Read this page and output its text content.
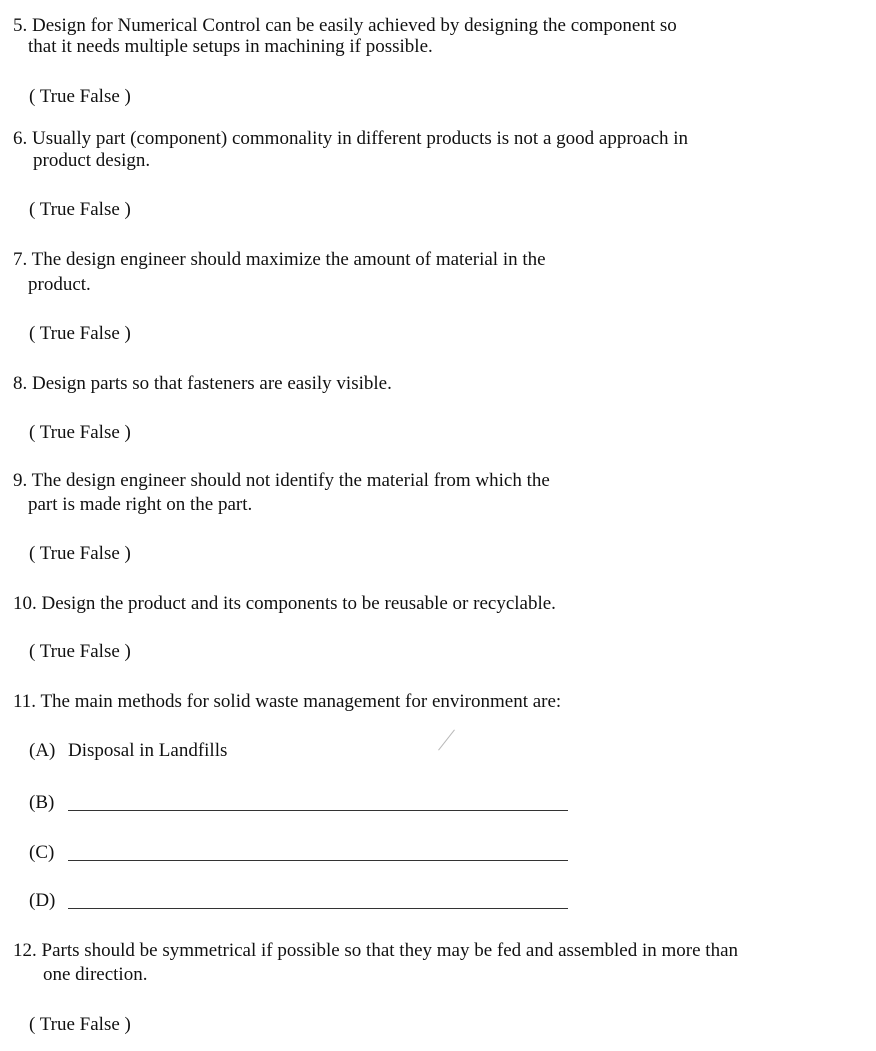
5. Design for Numerical Control can be easily achieved by designing the component so
that it needs multiple setups in machining if possible.
( True False )
6. Usually part (component) commonality in different products is not a good approach in
product design.
( True False )
7. The design engineer should maximize the amount of material in the
product.
( True False )
8. Design parts so that fasteners are easily visible.
( True False )
9. The design engineer should not identify the material from which the
part is made right on the part.
( True False )
10. Design the product and its components to be reusable or recyclable.
( True False )
11. The main methods for solid waste management for environment are:
(A) Disposal in Landfills
(B)
(C)
(D)
12. Parts should be symmetrical if possible so that they may be fed and assembled in more than
one direction.
( True False )
